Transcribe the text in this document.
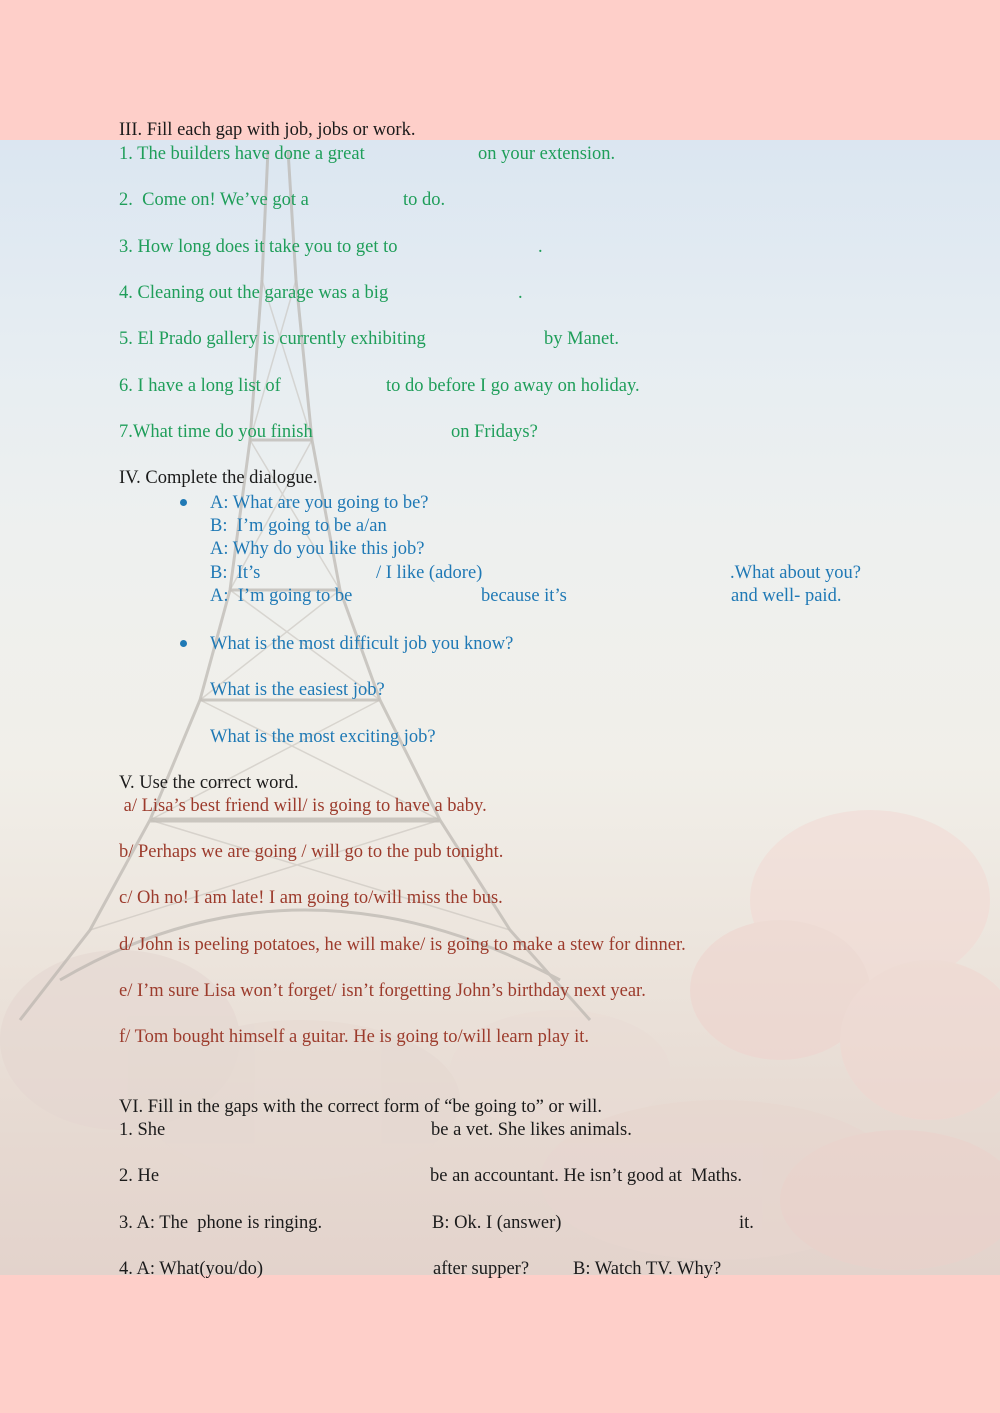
III. Fill each gap with job, jobs or work.
1. The builders have done a great	on your extension.
2.  Come on! We’ve got a	to do.
3. How long does it take you to get to	.
4. Cleaning out the garage was a big	.
5. El Prado gallery is currently exhibiting	by Manet.
6. I have a long list of	to do before I go away on holiday.
7.What time do you finish	on Fridays?
IV. Complete the dialogue.
A: What are you going to be?
B:  I’m going to be a/an
A: Why do you like this job?
B:  It’s	/ I like (adore)	.What about you?
A:  I’m going to be	because it’s	and well- paid.
What is the most difficult job you know?
What is the easiest job?
What is the most exciting job?
V. Use the correct word.
a/ Lisa’s best friend will/ is going to have a baby.
b/ Perhaps we are going / will go to the pub tonight.
c/ Oh no! I am late! I am going to/will miss the bus.
d/ John is peeling potatoes, he will make/ is going to make a stew for dinner.
e/ I’m sure Lisa won’t forget/ isn’t forgetting John’s birthday next year.
f/ Tom bought himself a guitar. He is going to/will learn play it.
VI. Fill in the gaps with the correct form of “be going to” or will.
1. She	be a vet. She likes animals.
2. He	be an accountant. He isn’t good at  Maths.
3. A: The  phone is ringing.	B: Ok. I (answer)	it.
4. A: What(you/do)	after supper? B: Watch TV. Why?
